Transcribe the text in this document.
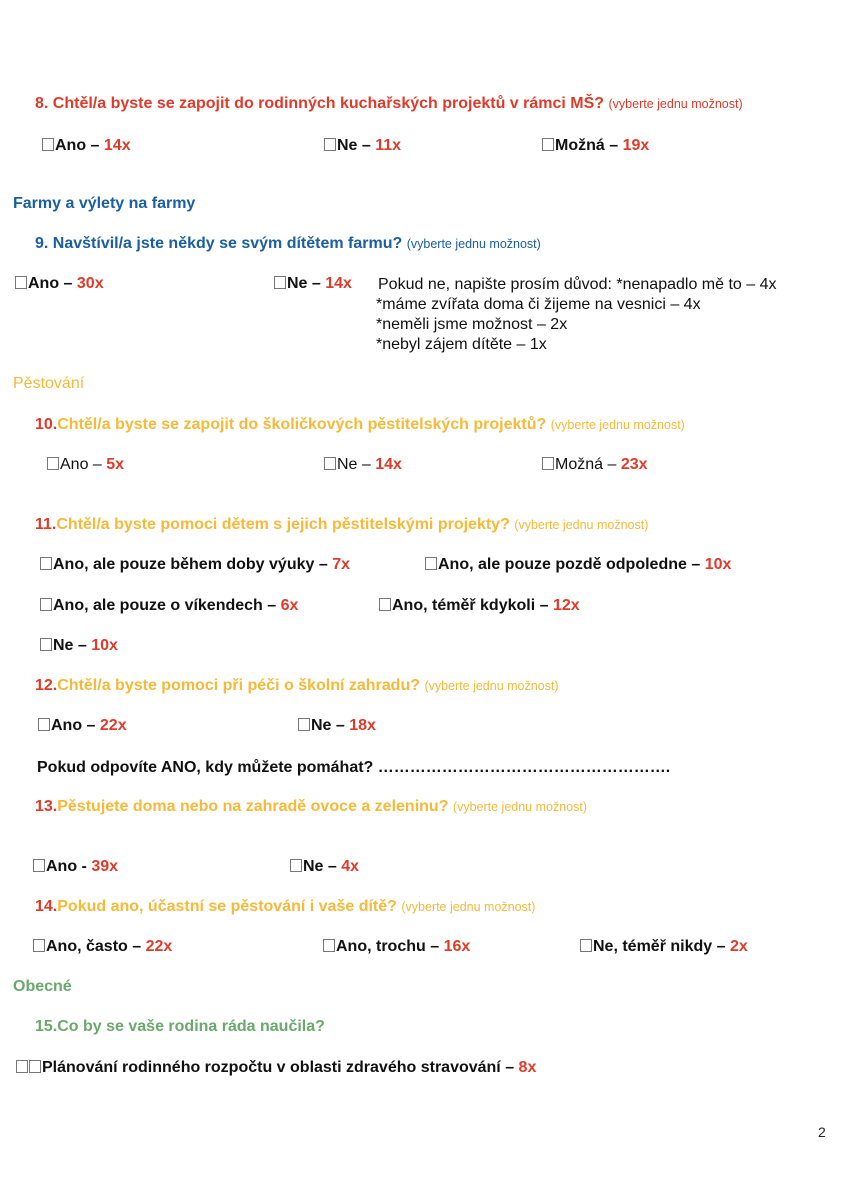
8. Chtěl/a byste se zapojit do rodinných kuchařských projektů v rámci MŠ? (vyberte jednu možnost)
Ano – 14x	Ne – 11x	Možná – 19x
Farmy a výlety na farmy
9. Navštívil/a jste někdy se svým dítětem farmu? (vyberte jednu možnost)
Ano – 30x	Ne – 14x Pokud ne, napište prosím důvod: *nenapadlo mě to – 4x
*máme zvířata doma či žijeme na vesnici – 4x
*neměli jsme možnost – 2x
*nebyl zájem dítěte – 1x
Pěstování
10.Chtěl/a byste se zapojit do školičkových pěstitelských projektů? (vyberte jednu možnost)
Ano – 5x	Ne – 14x	Možná – 23x
11.Chtěl/a byste pomoci dětem s jejich pěstitelskými projekty? (vyberte jednu možnost)
Ano, ale pouze během doby výuky – 7x	Ano, ale pouze pozdě odpoledne – 10x
Ano, ale pouze o víkendech – 6x	Ano, téměř kdykoli – 12x
Ne – 10x
12.Chtěl/a byste pomoci při péči o školní zahradu? (vyberte jednu možnost)
Ano – 22x	Ne – 18x
Pokud odpovíte ANO, kdy můžete pomáhat? ……………………………………………….
13.Pěstujete doma nebo na zahradě ovoce a zeleninu? (vyberte jednu možnost)
Ano - 39x	Ne – 4x
14.Pokud ano, účastní se pěstování i vaše dítě? (vyberte jednu možnost)
Ano, často – 22x	Ano, trochu – 16x	Ne, téměř nikdy – 2x
Obecné
15.Co by se vaše rodina ráda naučila?
Plánování rodinného rozpočtu v oblasti zdravého stravování – 8x
2
